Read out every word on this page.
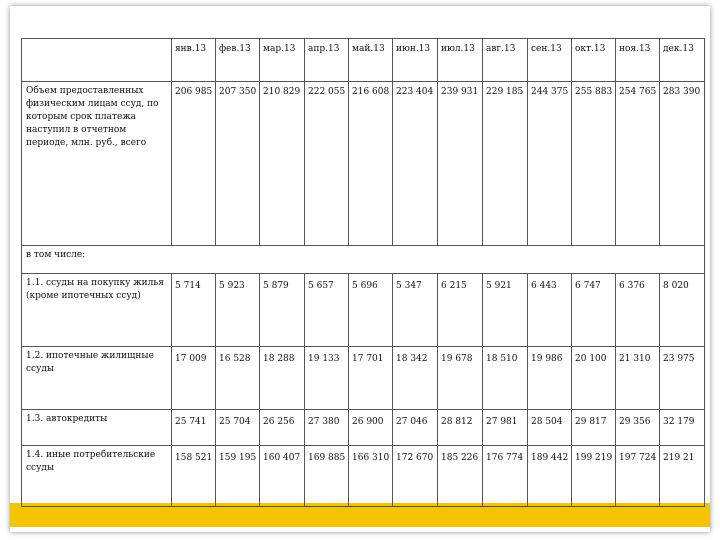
	янв.13	фев.13	мар.13	апр.13	май.13	июн.13	июл.13	авг.13	сен.13	окт.13	ноя.13	дек.13
Объем предоставленных физическим лицам ссуд, по которым срок платежа наступил в отчетном периоде, млн. руб., всего	206 985	207 350	210 829	222 055	216 608	223 404	239 931	229 185	244 375	255 883	254 765	283 390
в том числе:												
1.1. ссуды на покупку жилья (кроме ипотечных ссуд)	5 714	5 923	5 879	5 657	5 696	5 347	6 215	5 921	6 443	6 747	6 376	8 020
1.2. ипотечные жилищные ссуды	17 009	16 528	18 288	19 133	17 701	18 342	19 678	18 510	19 986	20 100	21 310	23 975
1.3. автокредиты	25 741	25 704	26 256	27 380	26 900	27 046	28 812	27 981	28 504	29 817	29 356	32 179
1.4. иные потребительские ссуды	158 521	159 195	160 407	169 885	166 310	172 670	185 226	176 774	189 442	199 219	197 724	219 21
